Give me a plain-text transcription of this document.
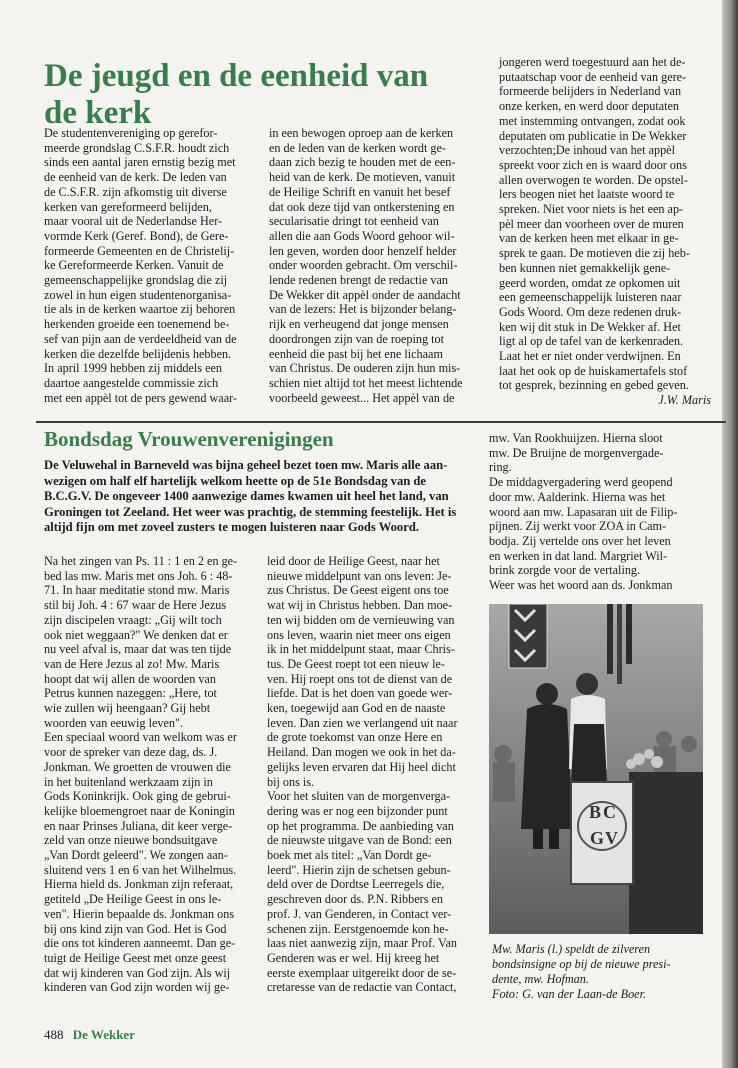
De jeugd en de eenheid van de kerk
De studentenvereniging op gerefor-
meerde grondslag C.S.F.R. houdt zich
sinds een aantal jaren ernstig bezig met
de eenheid van de kerk. De leden van
de C.S.F.R. zijn afkomstig uit diverse
kerken van gereformeerd belijden,
maar vooral uit de Nederlandse Her-
vormde Kerk (Geref. Bond), de Gere-
formeerde Gemeenten en de Christelij-
ke Gereformeerde Kerken. Vanuit de
gemeenschappelijke grondslag die zij
zowel in hun eigen studentenorganisa-
tie als in de kerken waartoe zij behoren
herkenden groeide een toenemend be-
sef van pijn aan de verdeeldheid van de
kerken die dezelfde belijdenis hebben.
In april 1999 hebben zij middels een
daartoe aangestelde commissie zich
met een appèl tot de pers gewend waar-
in een bewogen oproep aan de kerken
en de leden van de kerken wordt ge-
daan zich bezig te houden met de een-
heid van de kerk. De motieven, vanuit
de Heilige Schrift en vanuit het besef
dat ook deze tijd van ontkerstening en
secularisatie dringt tot eenheid van
allen die aan Gods Woord gehoor wil-
len geven, worden door henzelf helder
onder woorden gebracht. Om verschil-
lende redenen brengt de redactie van
De Wekker dit appèl onder de aandacht
van de lezers: Het is bijzonder belang-
rijk en verheugend dat jonge mensen
doordrongen zijn van de roeping tot
eenheid die past bij het ene lichaam
van Christus. De ouderen zijn hun mis-
schien niet altijd tot het meest lichtende
voorbeeld geweest... Het appèl van de
jongeren werd toegestuurd aan het de-
putaatschap voor de eenheid van gere-
formeerde belijders in Nederland van
onze kerken, en werd door deputaten
met instemming ontvangen, zodat ook
deputaten om publicatie in De Wekker
verzochten;De inhoud van het appèl
spreekt voor zich en is waard door ons
allen overwogen te worden. De opstel-
lers beogen niet het laatste woord te
spreken. Niet voor niets is het een ap-
pèl meer dan voorheen over de muren
van de kerken heen met elkaar in ge-
sprek te gaan. De motieven die zij heb-
ben kunnen niet gemakkelijk gene-
geerd worden, omdat ze opkomen uit
een gemeenschappelijk luisteren naar
Gods Woord. Om deze redenen druk-
ken wij dit stuk in De Wekker af. Het
ligt al op de tafel van de kerkenraden.
Laat het er niet onder verdwijnen. En
laat het ook op de huiskamertafels stof
tot gesprek, bezinning en gebed geven.

J.W. Maris

Bondsdag Vrouwenverenigingen
De Veluwehal in Barneveld was bijna geheel bezet toen mw. Maris alle aan-
wezigen om half elf hartelijk welkom heette op de 51e Bondsdag van de
B.C.G.V. De ongeveer 1400 aanwezige dames kwamen uit heel het land, van
Groningen tot Zeeland. Het weer was prachtig, de stemming feestelijk. Het is
altijd fijn om met zoveel zusters te mogen luisteren naar Gods Woord.
Na het zingen van Ps. 11 : 1 en 2 en ge-
bed las mw. Maris met ons Joh. 6 : 48-
71. In haar meditatie stond mw. Maris
stil bij Joh. 4 : 67 waar de Here Jezus
zijn discipelen vraagt: „Gij wilt toch
ook niet weggaan?" We denken dat er
nu veel afval is, maar dat was ten tijde
van de Here Jezus al zo! Mw. Maris
hoopt dat wij allen de woorden van
Petrus kunnen nazeggen: „Here, tot
wie zullen wij heengaan? Gij hebt
woorden van eeuwig leven".
Een speciaal woord van welkom was er
voor de spreker van deze dag, ds. J.
Jonkman. We groetten de vrouwen die
in het buitenland werkzaam zijn in
Gods Koninkrijk. Ook ging de gebrui-
kelijke bloemengroet naar de Koningin
en naar Prinses Juliana, dit keer verge-
zeld van onze nieuwe bondsuitgave
„Van Dordt geleerd". We zongen aan-
sluitend vers 1 en 6 van het Wilhelmus.
Hierna hield ds. Jonkman zijn referaat,
getiteld „De Heilige Geest in ons le-
ven". Hierin bepaalde ds. Jonkman ons
bij ons kind zijn van God. Het is God
die ons tot kinderen aanneemt. Dan ge-
tuigt de Heilige Geest met onze geest
dat wij kinderen van God zijn. Als wij
kinderen van God zijn worden wij ge-
leid door de Heilige Geest, naar het
nieuwe middelpunt van ons leven: Je-
zus Christus. De Geest eigent ons toe
wat wij in Christus hebben. Dan moe-
ten wij bidden om de vernieuwing van
ons leven, waarin niet meer ons eigen
ik in het middelpunt staat, maar Chris-
tus. De Geest roept tot een nieuw le-
ven. Hij roept ons tot de dienst van de
liefde. Dat is het doen van goede wer-
ken, toegewijd aan God en de naaste
leven. Dan zien we verlangend uit naar
de grote toekomst van onze Here en
Heiland. Dan mogen we ook in het da-
gelijks leven ervaren dat Hij heel dicht
bij ons is.
Voor het sluiten van de morgenverga-
dering was er nog een bijzonder punt
op het programma. De aanbieding van
de nieuwste uitgave van de Bond: een
boek met als titel: „Van Dordt ge-
leerd". Hierin zijn de schetsen gebun-
deld over de Dordtse Leerregels die,
geschreven door ds. P.N. Ribbers en
prof. J. van Genderen, in Contact ver-
schenen zijn. Eerstgenoemde kon he-
laas niet aanwezig zijn, maar Prof. Van
Genderen was er wel. Hij kreeg het
eerste exemplaar uitgereikt door de se-
cretaresse van de redactie van Contact,
mw. Van Rookhuijzen. Hierna sloot
mw. De Bruijne de morgenvergade-
ring.
De middagvergadering werd geopend
door mw. Aalderink. Hierna was het
woord aan mw. Lapasaran uit de Filip-
pijnen. Zij werkt voor ZOA in Cam-
bodja. Zij vertelde ons over het leven
en werken in dat land. Margriet Wil-
brink zorgde voor de vertaling.
Weer was het woord aan ds. Jonkman
B C
G V
Mw. Maris (l.) speldt de zilveren
bondsinsigne op bij de nieuwe presi-
dente, mw. Hofman.
Foto: G. van der Laan-de Boer.
488 De Wekker
